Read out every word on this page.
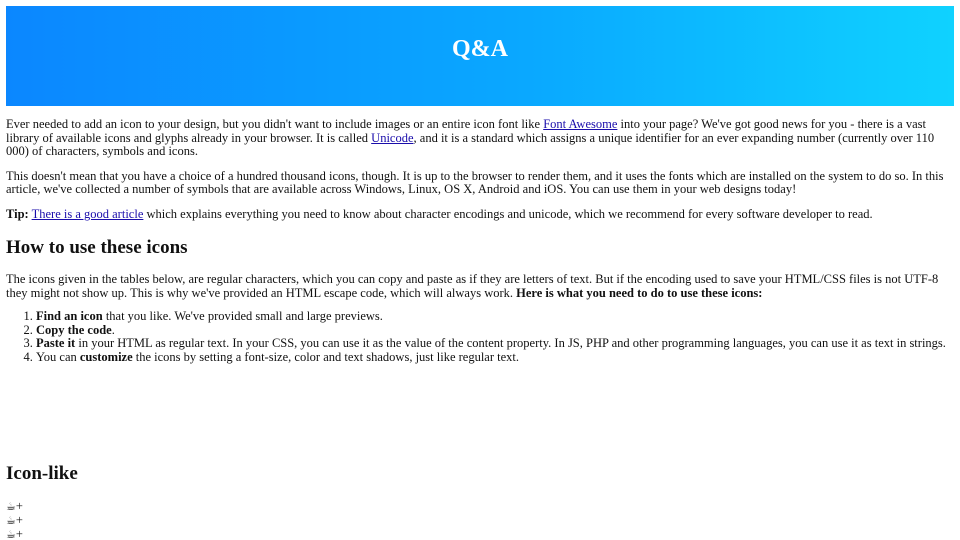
Q&A

Ever needed to add an icon to your design, but you didn't want to include images or an entire icon font like Font Awesome into your page? We've got good news for you - there is a vast library of available icons and glyphs already in your browser. It is called Unicode, and it is a standard which assigns a unique identifier for an ever expanding number (currently over 110 000) of characters, symbols and icons.

This doesn't mean that you have a choice of a hundred thousand icons, though. It is up to the browser to render them, and it uses the fonts which are installed on the system to do so. In this article, we've collected a number of symbols that are available across Windows, Linux, OS X, Android and iOS. You can use them in your web designs today!

Tip: There is a good article which explains everything you need to know about character encodings and unicode, which we recommend for every software developer to read.

How to use these icons

The icons given in the tables below, are regular characters, which you can copy and paste as if they are letters of text. But if the encoding used to save your HTML/CSS files is not UTF-8 they might not show up. This is why we've provided an HTML escape code, which will always work. Here is what you need to do to use these icons:

1. Find an icon that you like. We've provided small and large previews.
2. Copy the code.
3. Paste it in your HTML as regular text. In your CSS, you can use it as the value of the content property. In JS, PHP and other programming languages, you can use it as text in strings.
4. You can customize the icons by setting a font-size, color and text shadows, just like regular text.
Icon-like
☕+
☕+
☕+
